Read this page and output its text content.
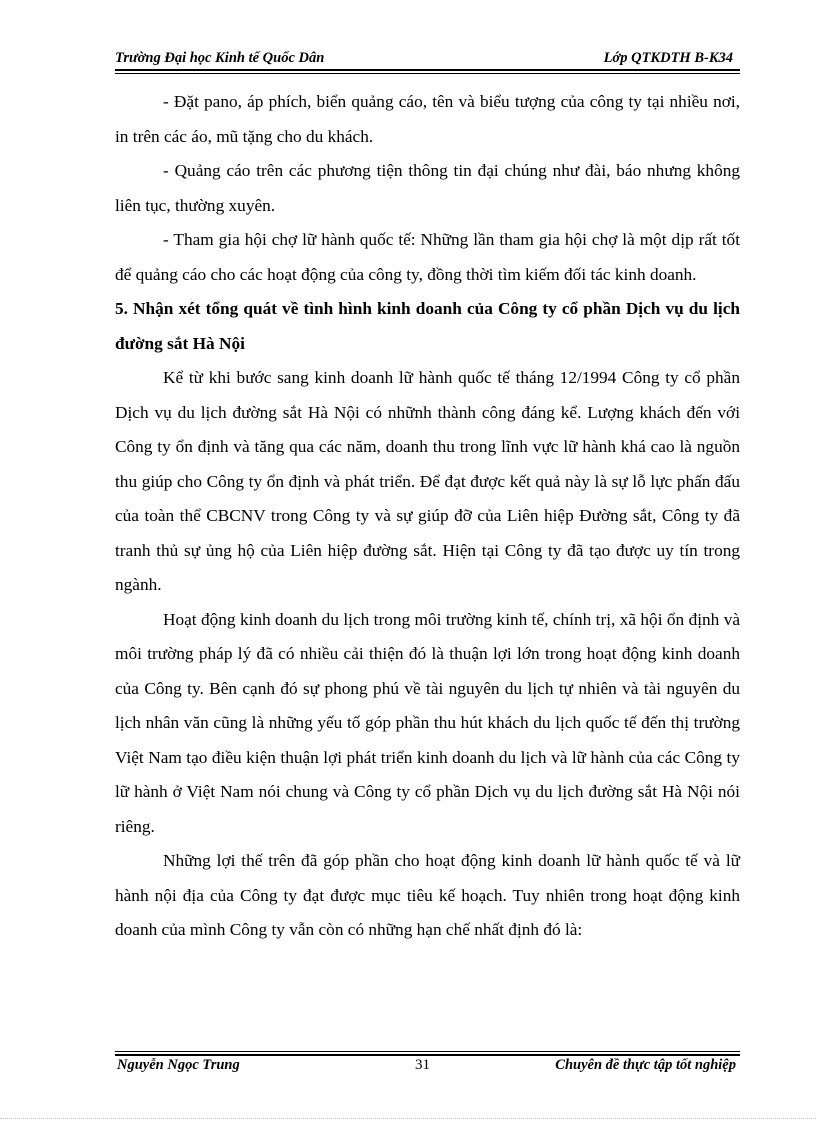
Trường Đại học Kinh tế Quốc Dân	Lớp QTKDTH B-K34

- Đặt pano, áp phích, biển quảng cáo, tên và biểu tượng của công ty tại nhiều nơi, in trên các áo, mũ tặng cho du khách.

- Quảng cáo trên các phương tiện thông tin đại chúng như đài, báo nhưng không liên tục, thường xuyên.

- Tham gia hội chợ lữ hành quốc tế: Những lần tham gia hội chợ là một dịp rất tốt để quảng cáo cho các hoạt động của công ty, đồng thời tìm kiếm đối tác kinh doanh.

5. Nhận xét tổng quát về tình hình kinh doanh của Công ty cổ phần Dịch vụ du lịch đường sắt Hà Nội

Kể từ khi bước sang kinh doanh lữ hành quốc tế tháng 12/1994 Công ty cổ phần Dịch vụ du lịch đường sắt Hà Nội có nhữnh thành công đáng kể. Lượng khách đến với Công ty ổn định và tăng qua các năm, doanh thu trong lĩnh vực lữ hành khá cao là nguồn thu giúp cho Công ty ổn định và phát triển. Để đạt được kết quả này là sự lỗ lực phấn đấu của toàn thể CBCNV trong Công ty và sự giúp đỡ của Liên hiệp Đường sắt, Công ty đã tranh thủ sự ủng hộ của Liên hiệp đường sắt. Hiện tại Công ty đã tạo được uy tín trong ngành.

Hoạt động kinh doanh du lịch trong môi trường kinh tế, chính trị, xã hội ổn định và môi trường pháp lý đã có nhiều cải thiện đó là thuận lợi lớn trong hoạt động kinh doanh của Công ty. Bên cạnh đó sự phong phú về tài nguyên du lịch tự nhiên và tài nguyên du lịch nhân văn cũng là những yếu tố góp phần thu hút khách du lịch quốc tế đến thị trường Việt Nam tạo điều kiện thuận lợi phát triển kinh doanh du lịch và lữ hành của các Công ty lữ hành ở Việt Nam nói chung và Công ty cổ phần Dịch vụ du lịch đường sắt Hà Nội nói riêng.

Những lợi thế trên đã góp phần cho hoạt động kinh doanh lữ hành quốc tế và lữ hành nội địa của Công ty đạt được mục tiêu kế hoạch. Tuy nhiên trong hoạt động kinh doanh của mình Công ty vẫn còn có những hạn chế nhất định đó là:

Nguyễn Ngọc Trung	31	Chuyên đề thực tập tốt nghiệp
